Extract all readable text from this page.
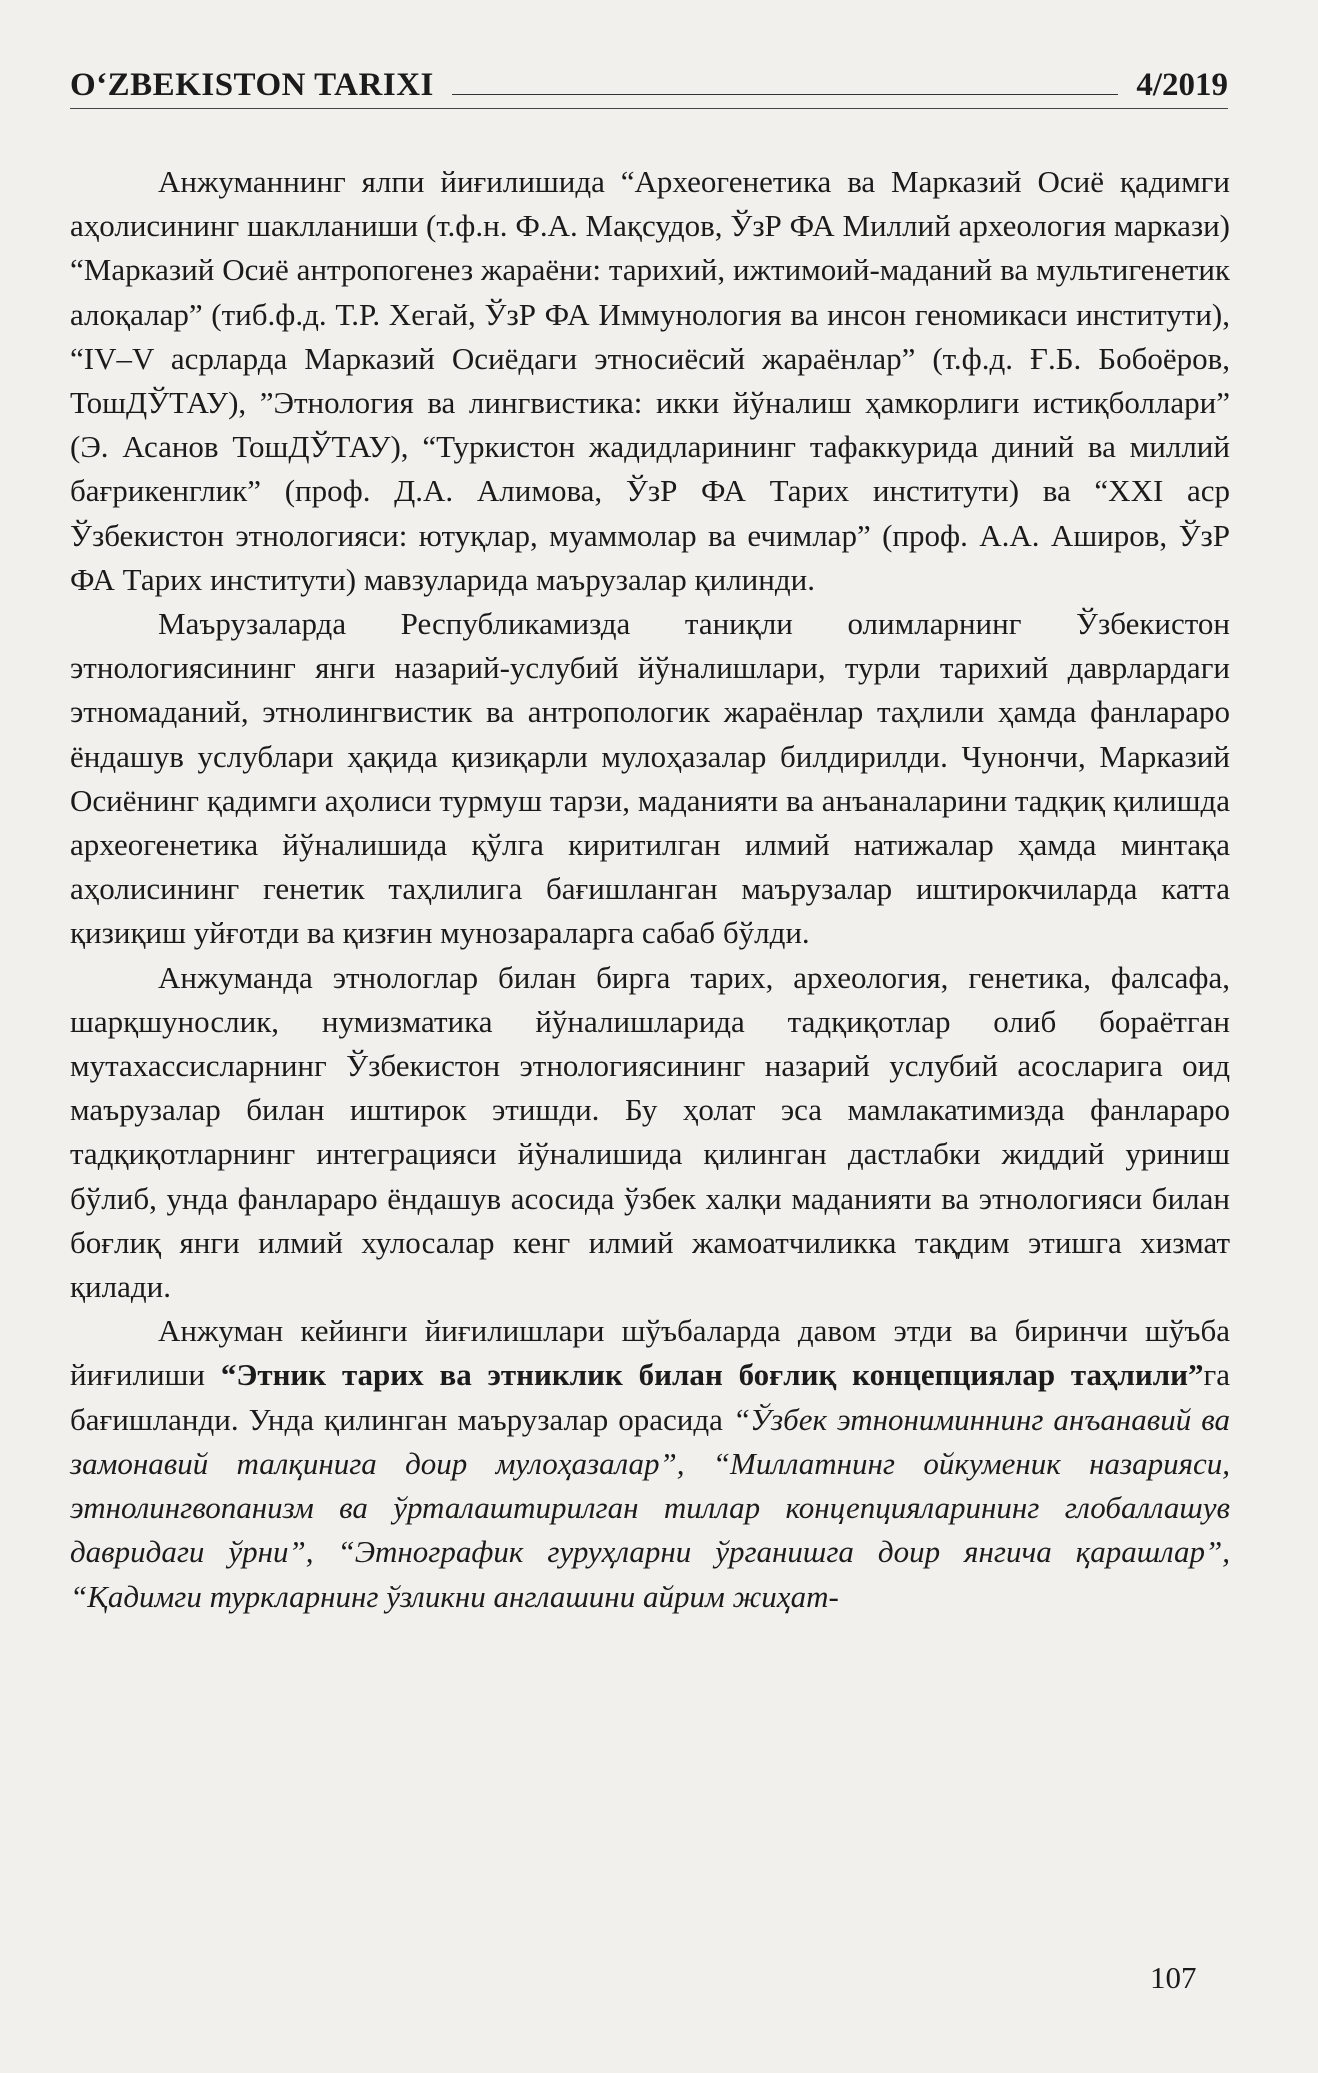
O‘ZBEKISTON TARIXI	4/2019

Анжуманнинг ялпи йиғилишида “Археогенетика ва Марказий Осиё қадимги аҳолисининг шаклланиши (т.ф.н. Ф.А. Мақсудов, ЎзР ФА Миллий археология маркази) “Марказий Осиё антропогенез жараёни: тарихий, ижтимоий-маданий ва мультигенетик алоқалар” (тиб.ф.д. Т.Р. Хегай, ЎзР ФА Иммунология ва инсон геномикаси институти), “IV–V асрларда Марказий Осиёдаги этносиёсий жараёнлар” (т.ф.д. Ғ.Б. Бобоёров, ТошДЎТАУ), ”Этнология ва лингвистика: икки йўналиш ҳамкорлиги истиқболлари” (Э. Асанов ТошДЎТАУ), “Туркистон жадидларининг тафаккурида диний ва миллий бағрикенглик” (проф. Д.А. Алимова, ЎзР ФА Тарих институти) ва “XXI аср Ўзбекистон этнологияси: ютуқлар, муаммолар ва ечимлар” (проф. А.А. Аширов, ЎзР ФА Тарих институти) мавзуларида маърузалар қилинди.

Маърузаларда Республикамизда таниқли олимларнинг Ўзбекистон этнологиясининг янги назарий-услубий йўналишлари, турли тарихий даврлардаги этномаданий, этнолингвистик ва антропологик жараёнлар таҳлили ҳамда фанлараро ёндашув услублари ҳақида қизиқарли мулоҳазалар билдирилди. Чунончи, Марказий Осиёнинг қадимги аҳолиси турмуш тарзи, маданияти ва анъаналарини тадқиқ қилишда археогенетика йўналишида қўлга киритилган илмий натижалар ҳамда минтақа аҳолисининг генетик таҳлилига бағишланган маърузалар иштирокчиларда катта қизиқиш уйғотди ва қизғин мунозараларга сабаб бўлди.

Анжуманда этнологлар билан бирга тарих, археология, генетика, фалсафа, шарқшунослик, нумизматика йўналишларида тадқиқотлар олиб бораётган мутахассисларнинг Ўзбекистон этнологиясининг назарий услубий асосларига оид маърузалар билан иштирок этишди. Бу ҳолат эса мамлакатимизда фанлараро тадқиқотларнинг интеграцияси йўналишида қилинган дастлабки жиддий уриниш бўлиб, унда фанлараро ёндашув асосида ўзбек халқи маданияти ва этнологияси билан боғлиқ янги илмий хулосалар кенг илмий жамоатчиликка тақдим этишга хизмат қилади.

Анжуман кейинги йиғилишлари шўъбаларда давом этди ва биринчи шўъба йиғилиши “Этник тарих ва этниклик билан боғлиқ концепциялар таҳлили”га бағишланди. Унда қилинган маърузалар орасида “Ўзбек этнониминнинг анъанавий ва замонавий талқинига доир мулоҳазалар”, “Миллатнинг ойкуменик назарияси, этнолингвопанизм ва ўрталаштирилган тиллар концепцияларининг глобаллашув давридаги ўрни”, “Этнографик гуруҳларни ўрганишга доир янгича қарашлар”, “Қадимги туркларнинг ўзликни англашини айрим жиҳат-

107
